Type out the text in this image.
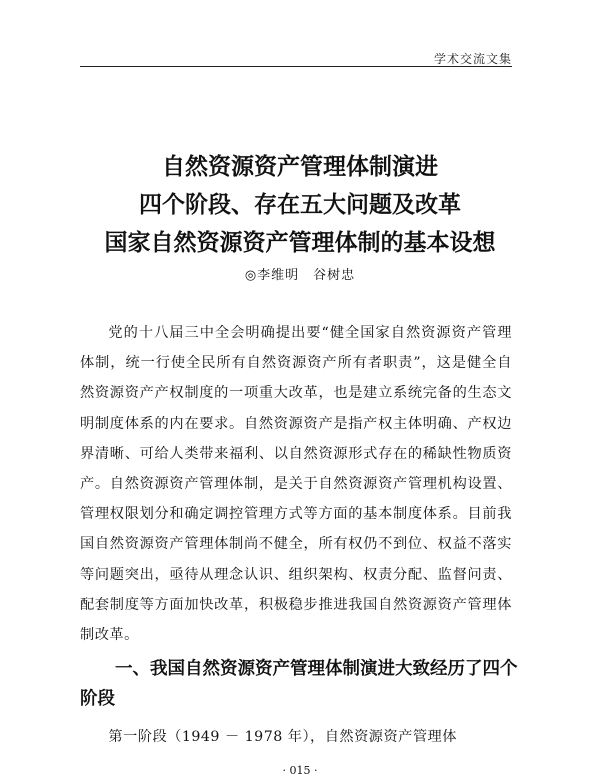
学术交流文集
自然资源资产管理体制演进
四个阶段、存在五大问题及改革
国家自然资源资产管理体制的基本设想
◎李维明　谷树忠

党的十八届三中全会明确提出要“健全国家自然资源资产管理体制，统一行使全民所有自然资源资产所有者职责”，这是健全自然资源资产产权制度的一项重大改革，也是建立系统完备的生态文明制度体系的内在要求。自然资源资产是指产权主体明确、产权边界清晰、可给人类带来福利、以自然资源形式存在的稀缺性物质资产。自然资源资产管理体制，是关于自然资源资产管理机构设置、管理权限划分和确定调控管理方式等方面的基本制度体系。目前我国自然资源资产管理体制尚不健全，所有权仍不到位、权益不落实等问题突出，亟待从理念认识、组织架构、权责分配、监督问责、配套制度等方面加快改革，积极稳步推进我国自然资源资产管理体制改革。

一、我国自然资源资产管理体制演进大致经历了四个阶段

第一阶段（1949 － 1978 年），自然资源资产管理体

· 015 ·
